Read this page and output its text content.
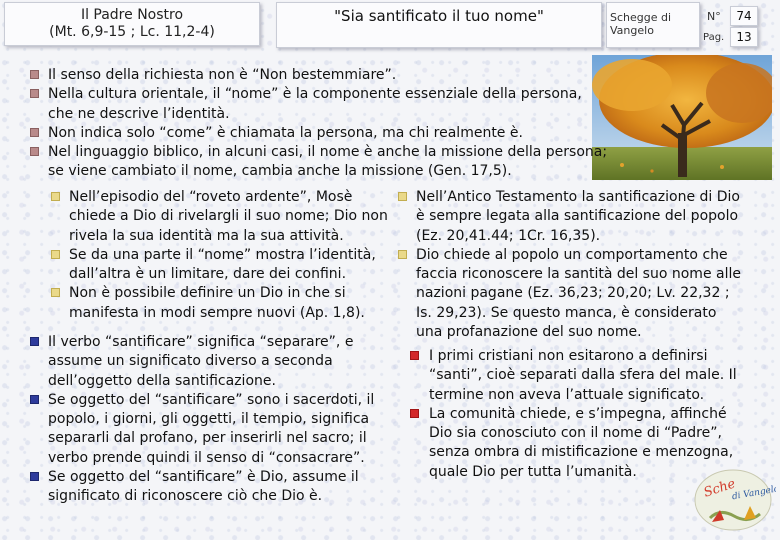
Il Padre Nostro
(Mt. 6,9-15 ; Lc. 11,2-4)
"Sia santificato il tuo nome"	Schegge di Vangelo
N°
Pag.
74
13
Il senso della richiesta non è “Non bestemmiare”.
Nella cultura orientale, il “nome” è la componente essenziale della persona, che ne descrive l’identità.
Non indica solo “come” è chiamata la persona, ma chi realmente è.
Nel linguaggio biblico, in alcuni casi, il nome è anche la missione della persona; se viene cambiato il nome, cambia anche la missione (Gen. 17,5).
Nell’episodio del “roveto ardente”, Mosè chiede a Dio di rivelargli il suo nome; Dio non rivela la sua identità ma la sua attività.
Se da una parte il “nome” mostra l’identità, dall’altra è un limitare, dare dei confini.
Non è possibile definire un Dio in che si manifesta in modi sempre nuovi (Ap. 1,8).
Nell’Antico Testamento la santificazione di Dio è sempre legata alla santificazione del popolo (Ez. 20,41.44; 1Cr. 16,35).
Dio chiede al popolo un comportamento che faccia riconoscere la santità del suo nome alle nazioni pagane (Ez. 36,23; 20,20; Lv. 22,32 ; Is. 29,23). Se questo manca, è considerato una profanazione del suo nome.
Il verbo “santificare” significa “separare”, e assume un significato diverso a seconda dell’oggetto della santificazione.
Se oggetto del “santificare” sono i sacerdoti, il popolo, i giorni, gli oggetti, il tempio, significa separarli dal profano, per inserirli nel sacro; il verbo prende quindi il senso di “consacrare”.
Se oggetto del “santificare” è Dio, assume il significato di riconoscere ciò che Dio è.
I primi cristiani non esitarono a definirsi “santi”, cioè separati dalla sfera del male. Il termine non aveva l’attuale significato.
La comunità chiede, e s’impegna, affinché Dio sia conosciuto con il nome di “Padre”, senza ombra di mistificazione e menzogna, quale Dio per tutta l’umanità.
Sche
di Vangelo
